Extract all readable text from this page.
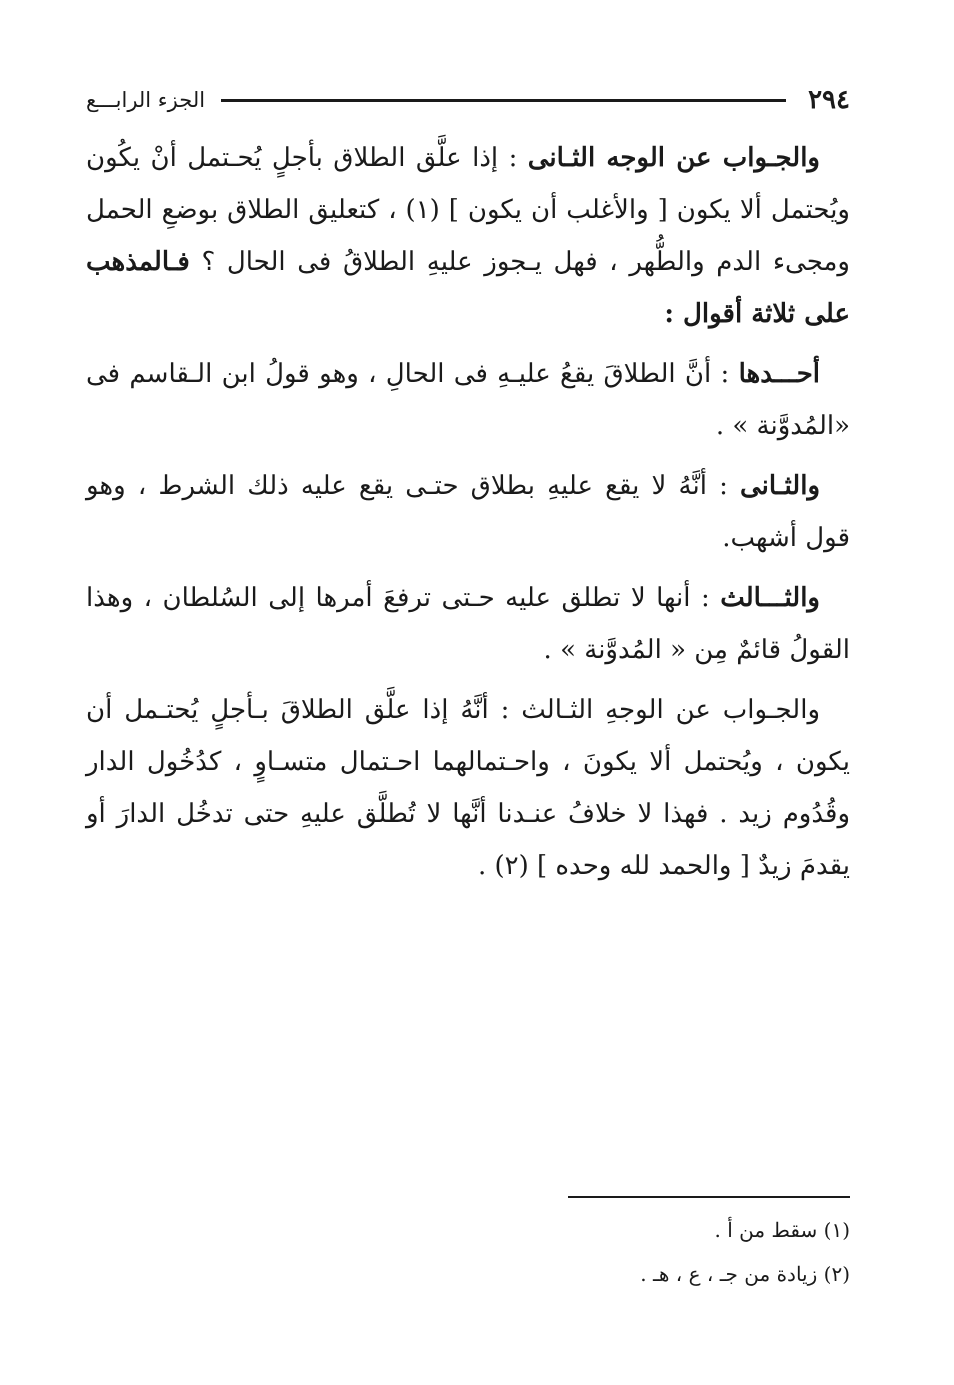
٢٩٤
الجزء الرابـــع

والجـواب عن الوجه الثـانى : إذا علَّق الطلاق بأجلٍ يُحـتمل أنْ يكُون ويُحتمل ألا يكون [ والأغلب أن يكون ] (١) ، كتعليق الطلاق بوضعِ الحمل ومجىء الدم والطُّهر ، فهل يـجوز عليهِ الطلاقُ فى الحال ؟ فـالمذهب على ثلاثة أقوال :

أحـــدها : أنَّ الطلاقَ يقعُ عليـهِ فى الحالِ ، وهو قولُ ابن الـقاسم فى «المُدوَّنة » .

والثـانى : أنَّهُ لا يقع عليهِ بطلاق حتـى يقع عليه ذلك الشرط ، وهو قول أشهب.

والثـــالث : أنها لا تطلق عليه حـتى ترفعَ أمرها إلى السُلطان ، وهذا القولُ قائمٌ مِن « المُدوَّنة » .

والجـواب عن الوجهِ الثـالث : أنَّهُ إذا علَّق الطلاقَ بـأجلٍ يُحتـمل أن يكون ، ويُحتمل ألا يكونَ ، واحـتمالهما احـتمال متسـاوٍ ، كدُخُول الدار وقُدُوم زيد . فهذا لا خلافُ عنـدنا أنَّها لا تُطلَّق عليهِ حتى تدخُل الدارَ أو يقدمَ زيدٌ [ والحمد لله وحده ] (٢) .

(١) سقط من أ .

(٢) زيادة من جـ ، ع ، هـ .
